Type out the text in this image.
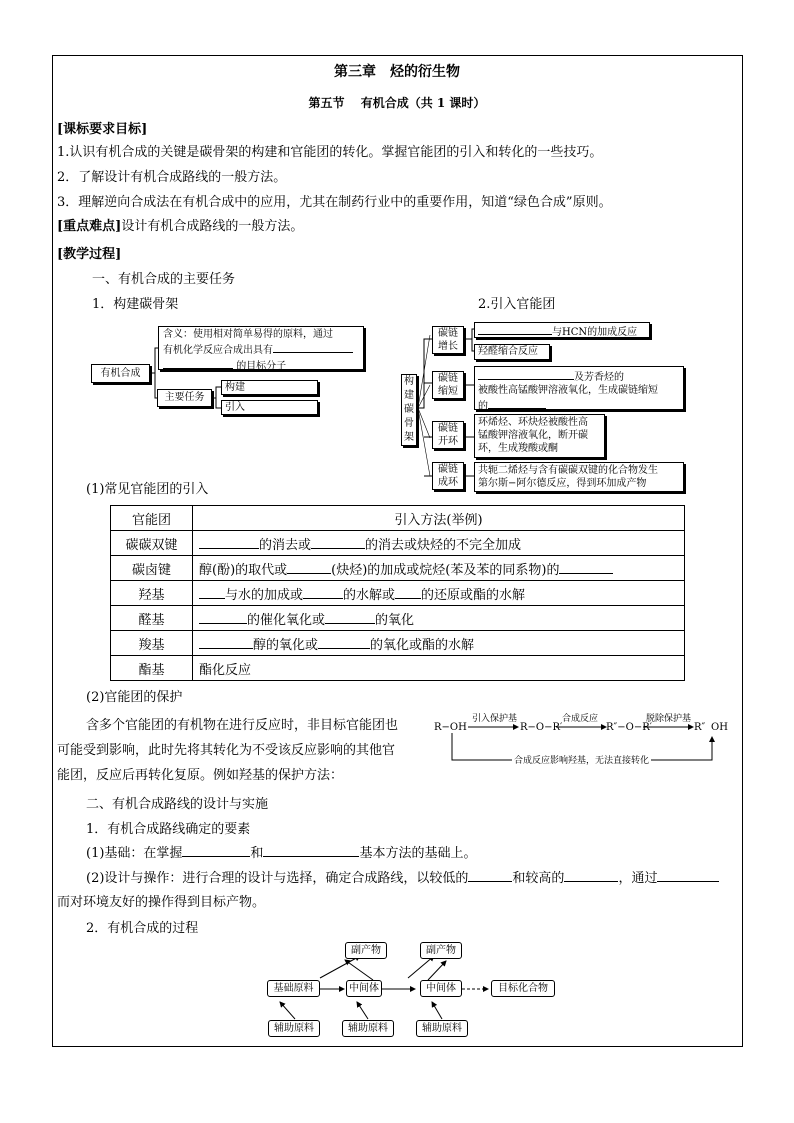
第三章　烃的衍生物
第五节　 有机合成（共 1 课时）
[课标要求目标]
1.认识有机合成的关键是碳骨架的构建和官能团的转化。掌握官能团的引入和转化的一些技巧。
2．了解设计有机合成路线的一般方法。
3．理解逆向合成法在有机合成中的应用，尤其在制药行业中的重要作用，知道“绿色合成”原则。
[重点难点]设计有机合成路线的一般方法。
[教学过程]
一、有机合成的主要任务
1．构建碳骨架	2.引入官能团
有机合成
含义：使用相对简单易得的原料，通过
有机化学反应合成出具有
的目标分子
主要任务
构建
引入
构
建
碳
骨
架
碳链
增长
与HCN的加成反应
羟醛缩合反应
碳链
缩短
及芳香烃的
被酸性高锰酸钾溶液氧化，生成碳链缩短
的
碳链
开环
环烯烃、环炔烃被酸性高
锰酸钾溶液氧化，断开碳
环，生成羧酸或酮
碳链
成环
共轭二烯烃与含有碳碳双键的化合物发生
第尔斯−阿尔德反应，得到环加成产物
(1)常见官能团的引入
官能团	引入方法(举例)
碳碳双键	的消去或 的消去或炔烃的不完全加成
碳卤键	醇(酚)的取代或 (炔烃)的加成或烷烃(苯及苯的同系物)的
羟基	与水的加成或 的水解或 的还原或酯的水解
醛基	的催化氧化或 的氧化
羧基	醇的氧化或 的氧化或酯的水解
酯基	酯化反应
(2)官能团的保护
含多个官能团的有机物在进行反应时，非目标官能团也
可能受到影响，此时先将其转化为不受该反应影响的其他官
能团，反应后再转化复原。例如羟基的保护方法：
R−OH
引入保护基
R−O−R′
合成反应
R″−O−R′
脱除保护基
R″ OH
合成反应影响羟基，无法直接转化
二、有机合成路线的设计与实施
1．有机合成路线确定的要素
(1)基础：在掌握	和	基本方法的基础上。
(2)设计与操作：进行合理的设计与选择，确定合成路线，以较低的	和较高的	，通过
而对环境友好的操作得到目标产物。
2．有机合成的过程
副产物	副产物
基础原料	中间体	中间体	目标化合物
辅助原料	辅助原料	辅助原料
